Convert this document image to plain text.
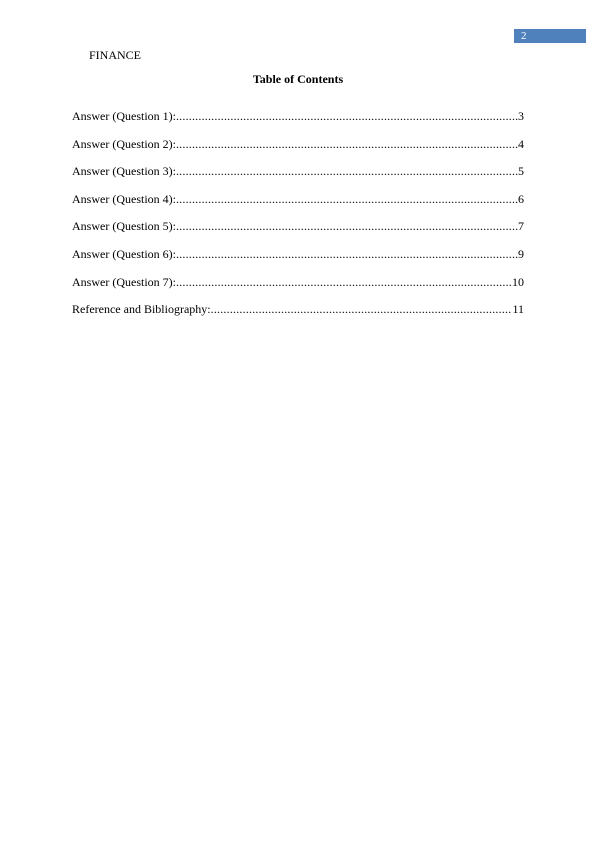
2
FINANCE
Table of Contents
Answer (Question 1): .....	3
Answer (Question 2): .....	4
Answer (Question 3): .....	5
Answer (Question 4): .....	6
Answer (Question 5): .....	7
Answer (Question 6): .....	9
Answer (Question 7): .....	10
Reference and Bibliography: .....	11
